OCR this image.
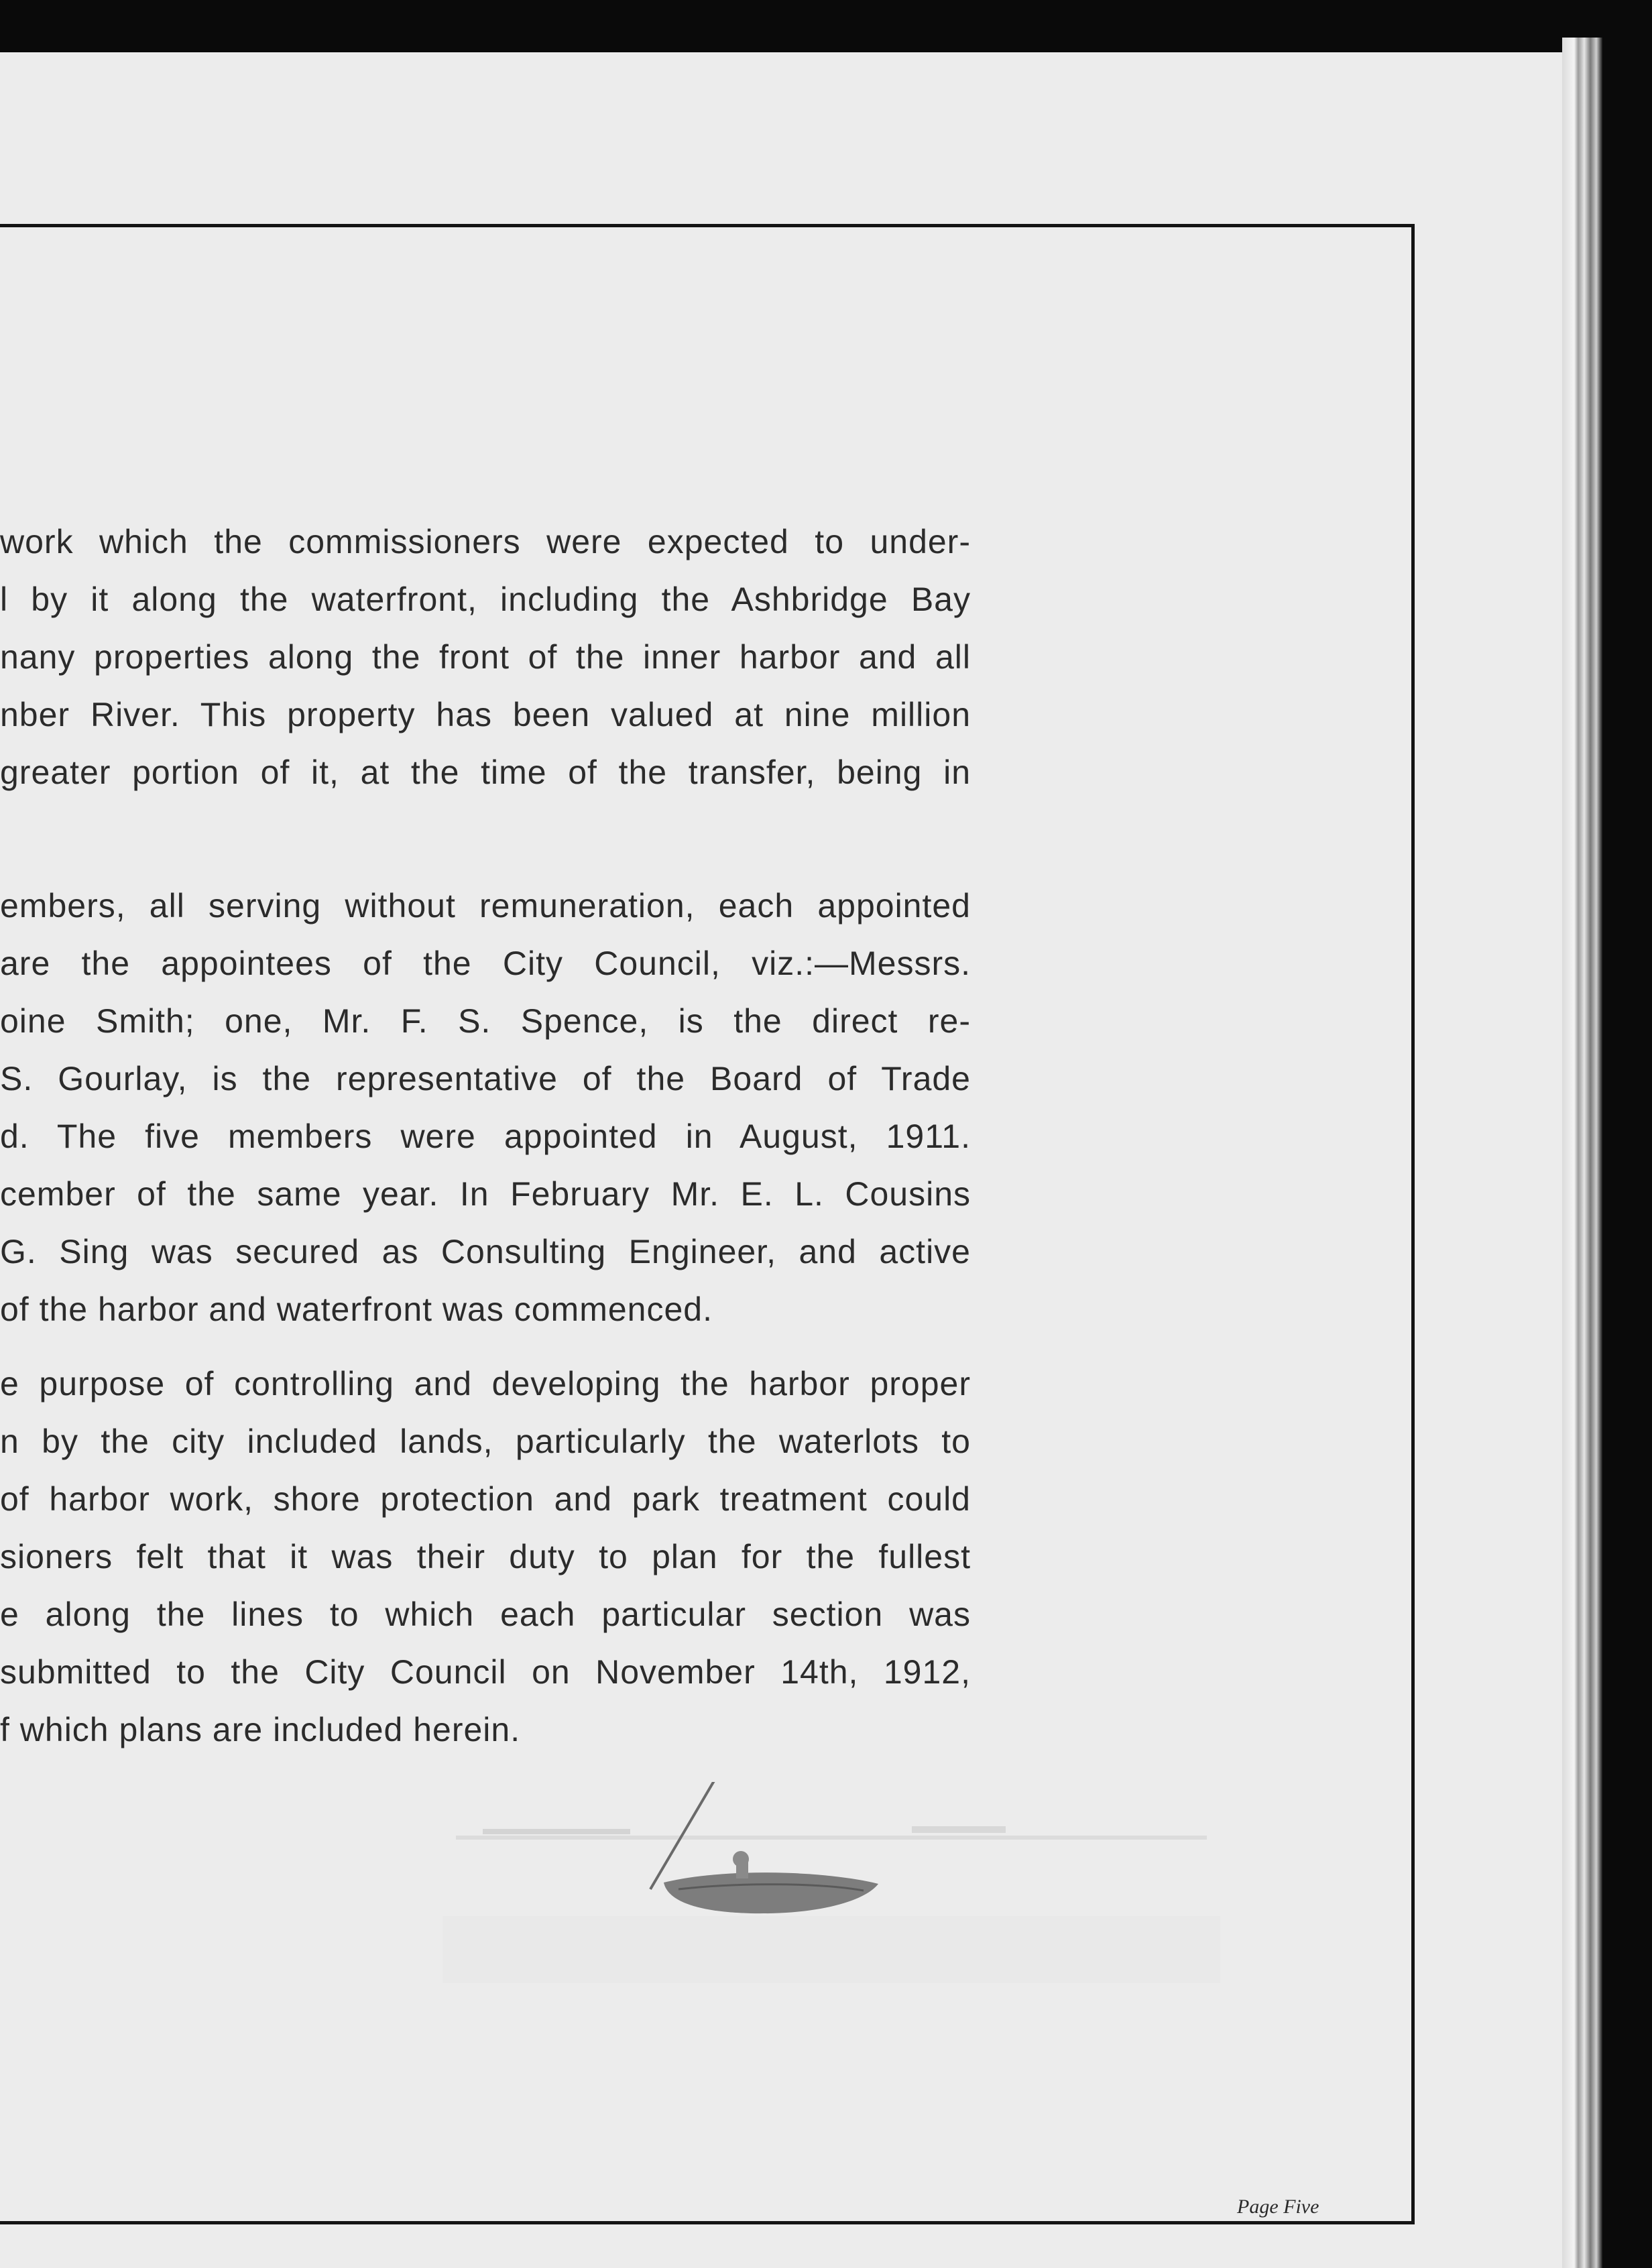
work which the commissioners were expected to under-
l by it along the waterfront, including the Ashbridge Bay
nany properties along the front of the inner harbor and all
nber River. This property has been valued at nine million
greater portion of it, at the time of the transfer, being in
embers, all serving without remuneration, each appointed
are the appointees of the City Council, viz.:—Messrs.
oine Smith; one, Mr. F. S. Spence, is the direct re-
S. Gourlay, is the representative of the Board of Trade
d. The five members were appointed in August, 1911.
cember of the same year. In February Mr. E. L. Cousins
G. Sing was secured as Consulting Engineer, and active
of the harbor and waterfront was commenced.
e purpose of controlling and developing the harbor proper
n by the city included lands, particularly the waterlots to
of harbor work, shore protection and park treatment could
sioners felt that it was their duty to plan for the fullest
e along the lines to which each particular section was
submitted to the City Council on November 14th, 1912,
f which plans are included herein.
Page Five
